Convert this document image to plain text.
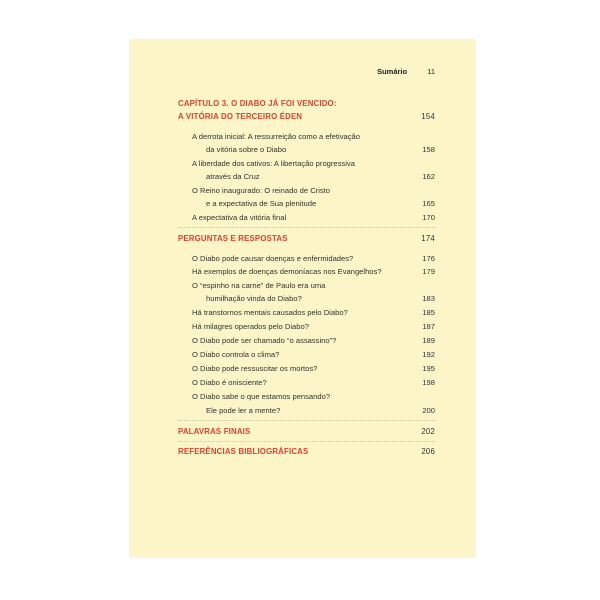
Sumário	11
CAPÍTULO 3. O DIABO JÁ FOI VENCIDO:
A VITÓRIA DO TERCEIRO ÉDEN	154
A derrota inicial: A ressurreição como a efetivação
da vitória sobre o Diabo	158
A liberdade dos cativos: A libertação progressiva
através da Cruz	162
O Reino inaugurado: O reinado de Cristo
e a expectativa de Sua plenitude	165
A expectativa da vitória final	170
PERGUNTAS E RESPOSTAS	174
O Diabo pode causar doenças e enfermidades?	176
Há exemplos de doenças demoníacas nos Evangelhos?	179
O “espinho na carne” de Paulo era uma
humilhação vinda do Diabo?	183
Há transtornos mentais causados pelo Diabo?	185
Há milagres operados pelo Diabo?	187
O Diabo pode ser chamado “o assassino”?	189
O Diabo controla o clima?	192
O Diabo pode ressuscitar os mortos?	195
O Diabo é onisciente?	198
O Diabo sabe o que estamos pensando?
Ele pode ler a mente?	200
PALAVRAS FINAIS	202
REFERÊNCIAS BIBLIOGRÁFICAS	206
